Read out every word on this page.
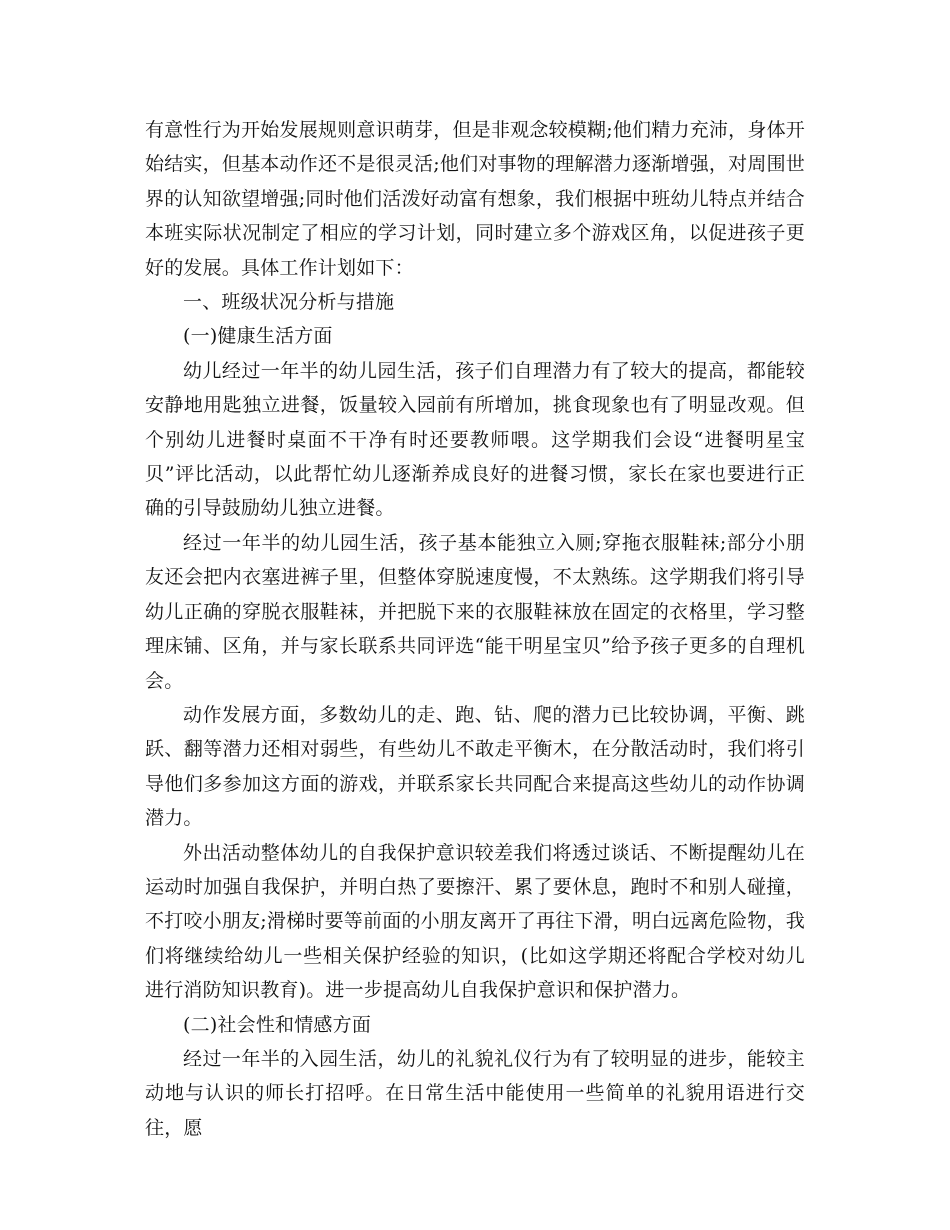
有意性行为开始发展规则意识萌芽，但是非观念较模糊;他们精力充沛，身体开始结实，但基本动作还不是很灵活;他们对事物的理解潜力逐渐增强，对周围世界的认知欲望增强;同时他们活泼好动富有想象，我们根据中班幼儿特点并结合本班实际状况制定了相应的学习计划，同时建立多个游戏区角，以促进孩子更好的发展。具体工作计划如下：

一、班级状况分析与措施

(一)健康生活方面

幼儿经过一年半的幼儿园生活，孩子们自理潜力有了较大的提高，都能较安静地用匙独立进餐，饭量较入园前有所增加，挑食现象也有了明显改观。但个别幼儿进餐时桌面不干净有时还要教师喂。这学期我们会设“进餐明星宝贝”评比活动，以此帮忙幼儿逐渐养成良好的进餐习惯，家长在家也要进行正确的引导鼓励幼儿独立进餐。

经过一年半的幼儿园生活，孩子基本能独立入厕;穿拖衣服鞋袜;部分小朋友还会把内衣塞进裤子里，但整体穿脱速度慢，不太熟练。这学期我们将引导幼儿正确的穿脱衣服鞋袜，并把脱下来的衣服鞋袜放在固定的衣格里，学习整理床铺、区角，并与家长联系共同评选“能干明星宝贝”给予孩子更多的自理机会。

动作发展方面，多数幼儿的走、跑、钻、爬的潜力已比较协调，平衡、跳跃、翻等潜力还相对弱些，有些幼儿不敢走平衡木，在分散活动时，我们将引导他们多参加这方面的游戏，并联系家长共同配合来提高这些幼儿的动作协调潜力。

外出活动整体幼儿的自我保护意识较差我们将透过谈话、不断提醒幼儿在运动时加强自我保护，并明白热了要擦汗、累了要休息，跑时不和别人碰撞，不打咬小朋友;滑梯时要等前面的小朋友离开了再往下滑，明白远离危险物，我们将继续给幼儿一些相关保护经验的知识，(比如这学期还将配合学校对幼儿进行消防知识教育)。进一步提高幼儿自我保护意识和保护潜力。

(二)社会性和情感方面

经过一年半的入园生活，幼儿的礼貌礼仪行为有了较明显的进步，能较主动地与认识的师长打招呼。在日常生活中能使用一些简单的礼貌用语进行交往，愿
